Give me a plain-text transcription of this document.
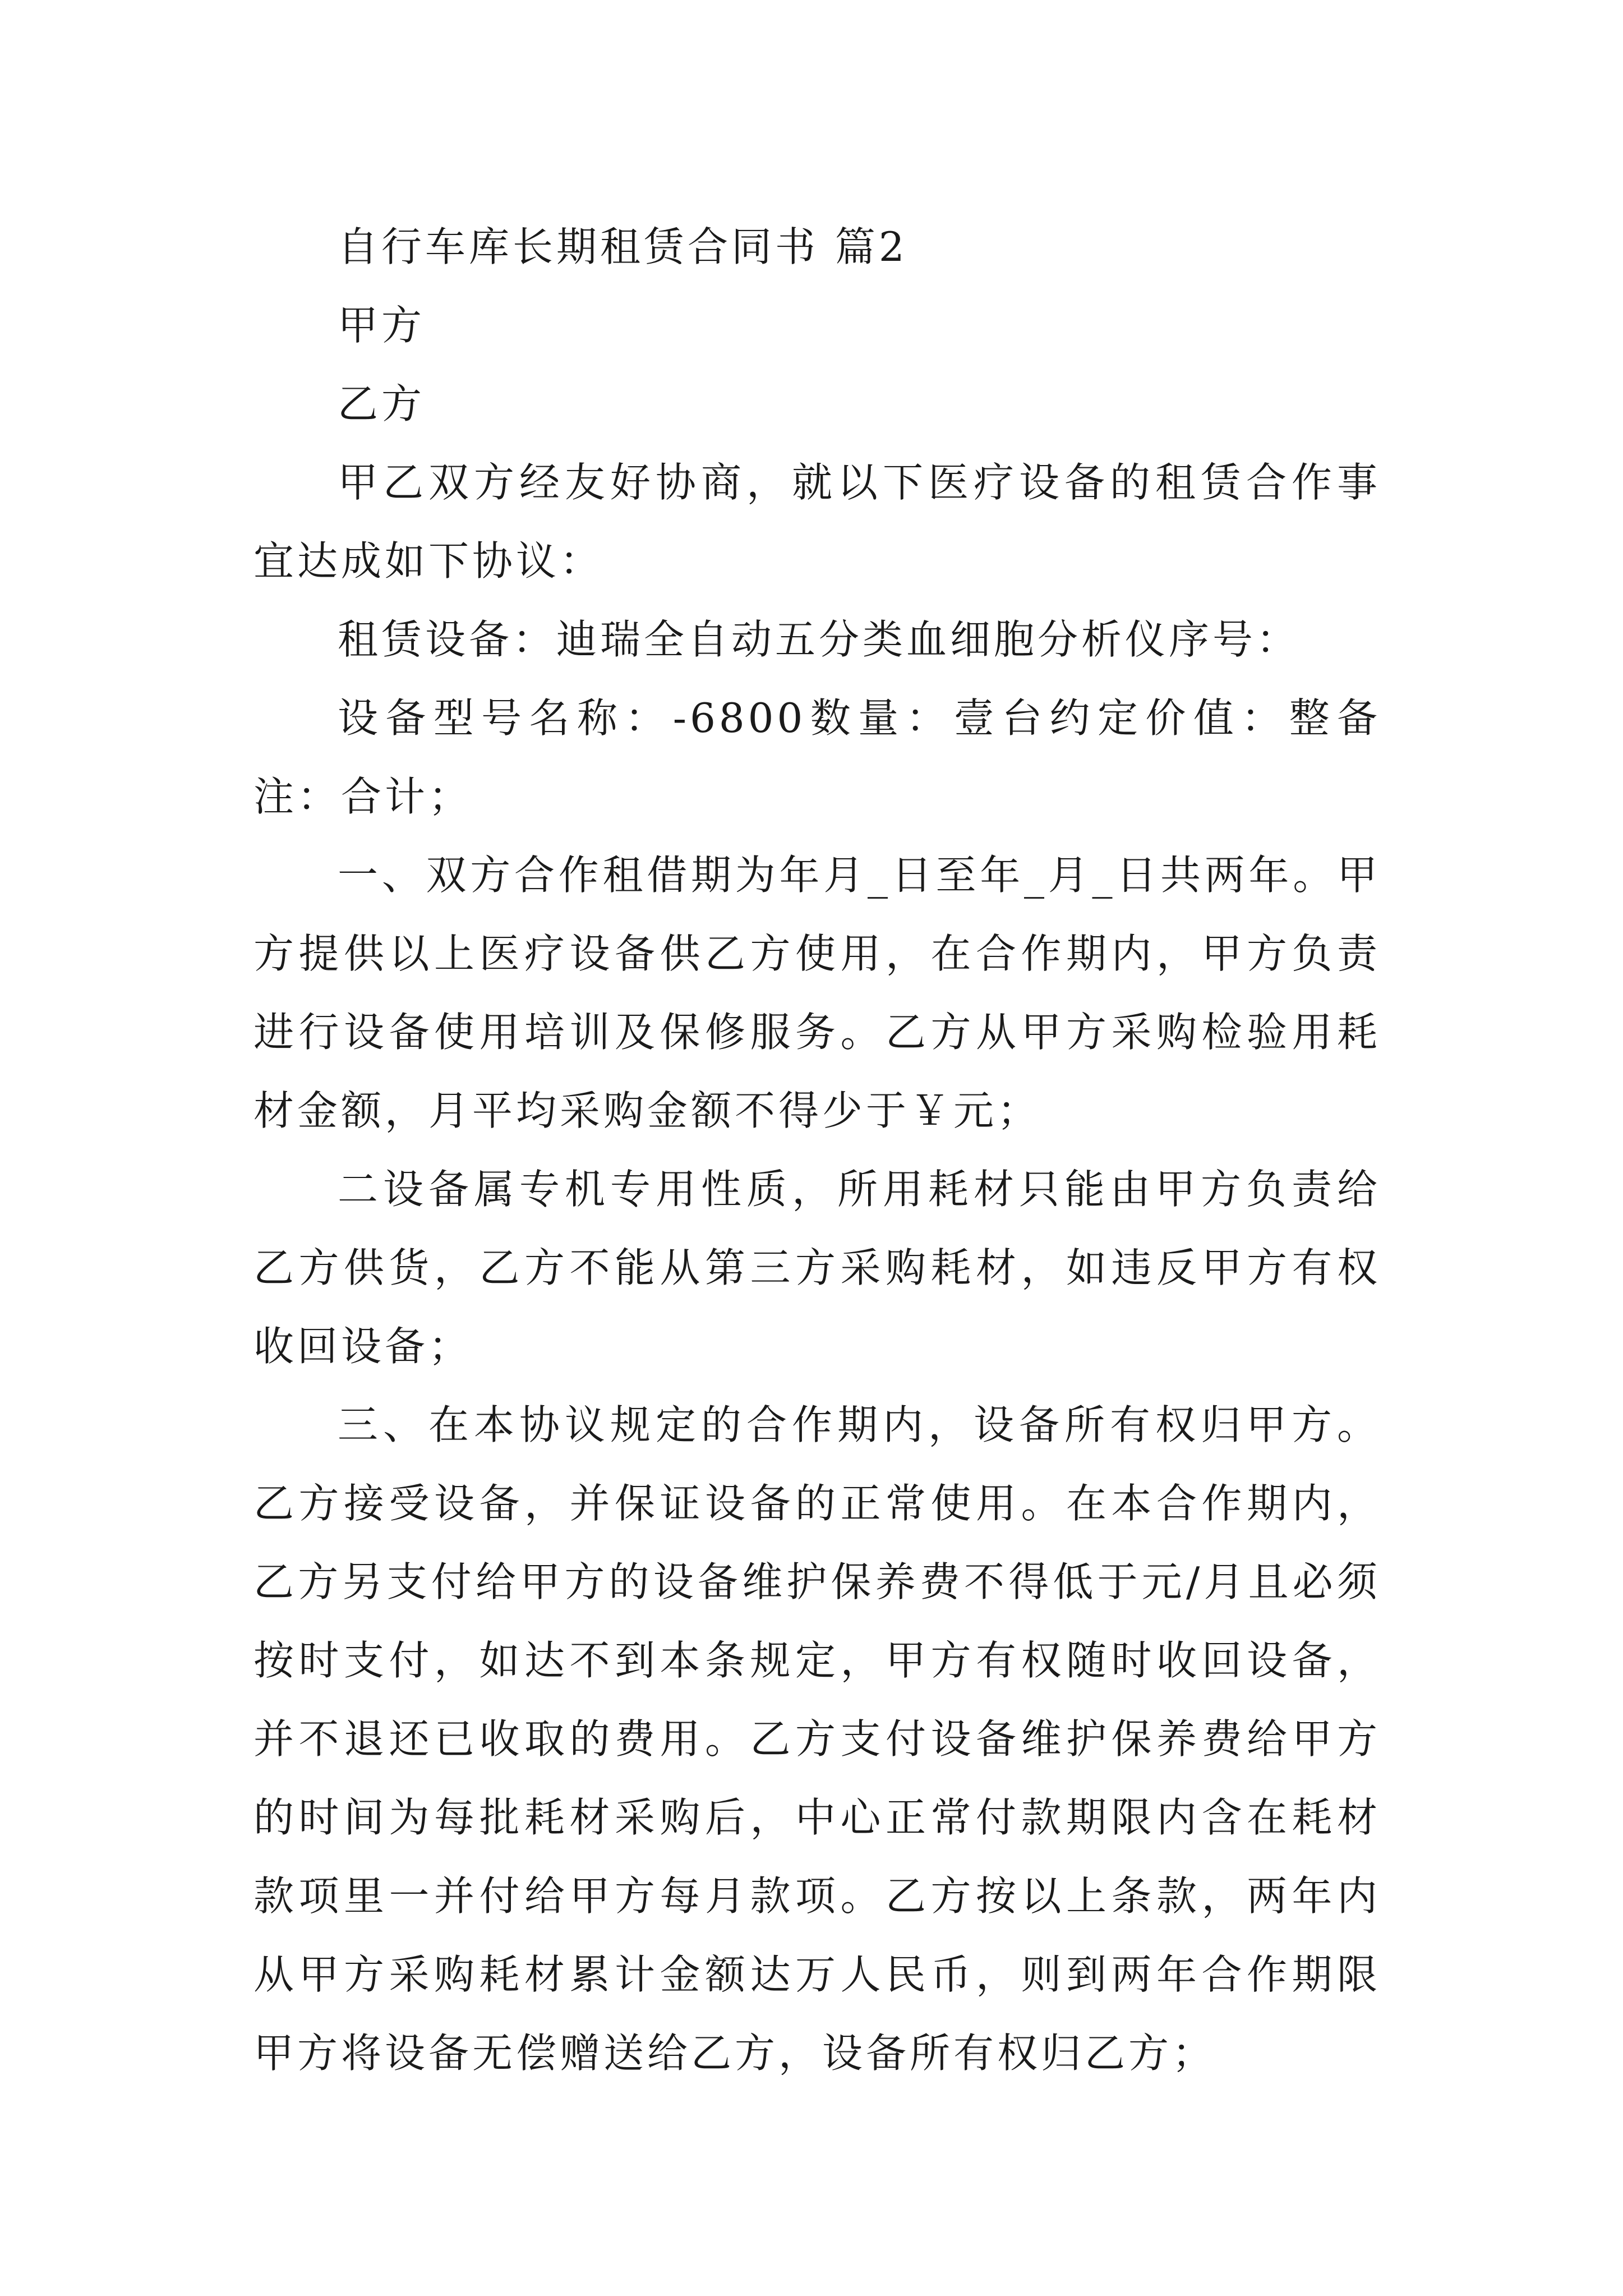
自行车库长期租赁合同书 篇2

甲方

乙方

甲乙双方经友好协商，就以下医疗设备的租赁合作事宜达成如下协议：

租赁设备：迪瑞全自动五分类血细胞分析仪序号：

设备型号名称：-6800数量：壹台约定价值：整备注：合计；

一、双方合作租借期为年月_日至年_月_日共两年。甲方提供以上医疗设备供乙方使用，在合作期内，甲方负责进行设备使用培训及保修服务。乙方从甲方采购检验用耗材金额，月平均采购金额不得少于￥元；

二设备属专机专用性质，所用耗材只能由甲方负责给乙方供货，乙方不能从第三方采购耗材，如违反甲方有权收回设备；

三、在本协议规定的合作期内，设备所有权归甲方。乙方接受设备，并保证设备的正常使用。在本合作期内，乙方另支付给甲方的设备维护保养费不得低于元/月且必须按时支付，如达不到本条规定，甲方有权随时收回设备，并不退还已收取的费用。乙方支付设备维护保养费给甲方的时间为每批耗材采购后，中心正常付款期限内含在耗材款项里一并付给甲方每月款项。乙方按以上条款，两年内从甲方采购耗材累计金额达万人民币，则到两年合作期限甲方将设备无偿赠送给乙方，设备所有权归乙方；
